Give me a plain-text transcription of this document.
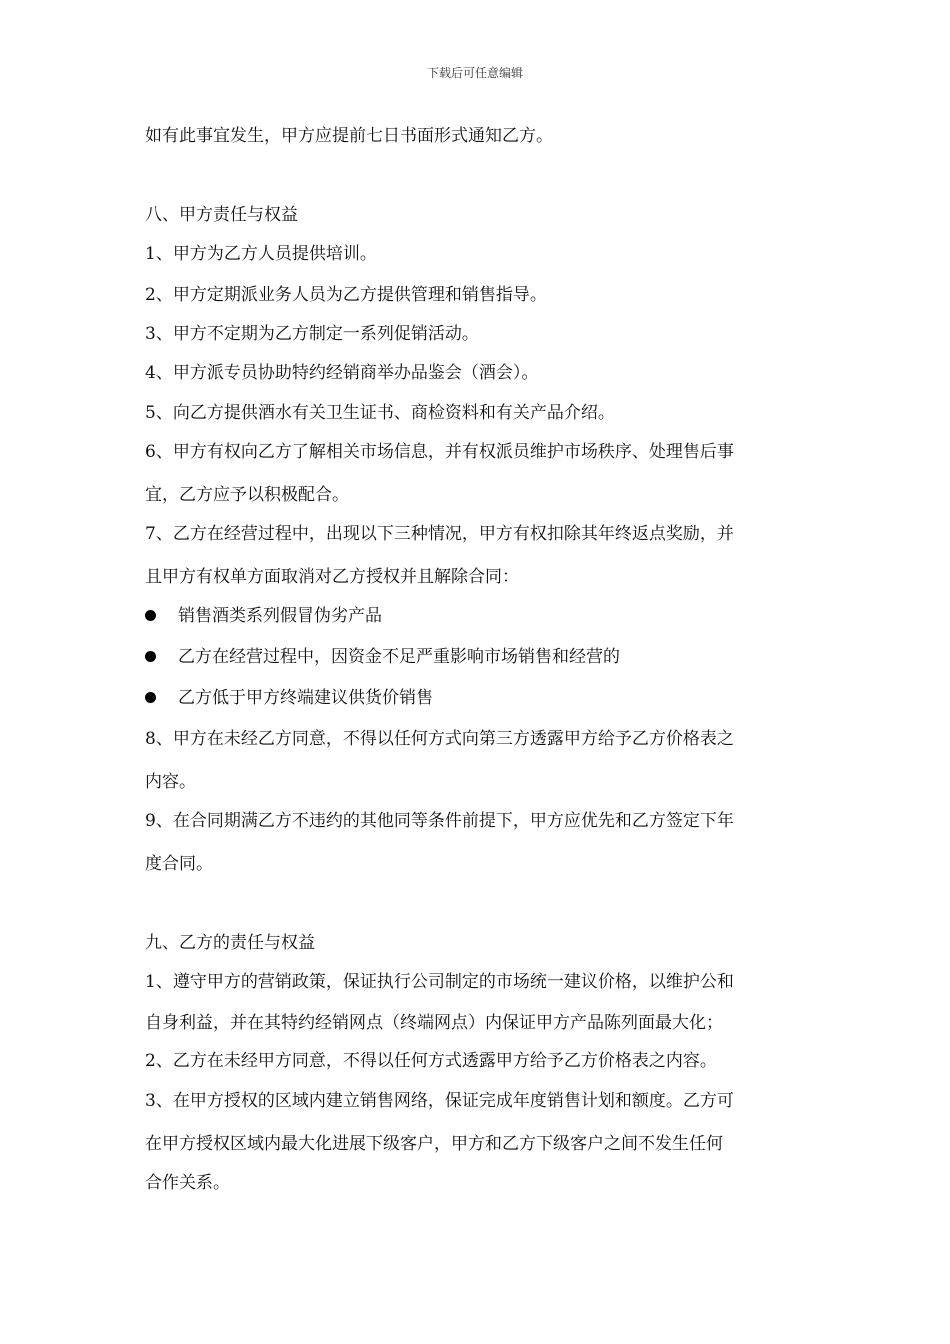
下载后可任意编辑
如有此事宜发生，甲方应提前七日书面形式通知乙方。
八、甲方责任与权益
1、甲方为乙方人员提供培训。
2、甲方定期派业务人员为乙方提供管理和销售指导。
3、甲方不定期为乙方制定一系列促销活动。
4、甲方派专员协助特约经销商举办品鉴会（酒会）。
5、向乙方提供酒水有关卫生证书、商检资料和有关产品介绍。
6、甲方有权向乙方了解相关市场信息，并有权派员维护市场秩序、处理售后事
宜，乙方应予以积极配合。
7、乙方在经营过程中，出现以下三种情况，甲方有权扣除其年终返点奖励，并
且甲方有权单方面取消对乙方授权并且解除合同：
销售酒类系列假冒伪劣产品
乙方在经营过程中，因资金不足严重影响市场销售和经营的
乙方低于甲方终端建议供货价销售
8、甲方在未经乙方同意，不得以任何方式向第三方透露甲方给予乙方价格表之
内容。
9、在合同期满乙方不违约的其他同等条件前提下，甲方应优先和乙方签定下年
度合同。
九、乙方的责任与权益
1、遵守甲方的营销政策，保证执行公司制定的市场统一建议价格，以维护公和
自身利益，并在其特约经销网点（终端网点）内保证甲方产品陈列面最大化；
2、乙方在未经甲方同意，不得以任何方式透露甲方给予乙方价格表之内容。
3、在甲方授权的区域内建立销售网络，保证完成年度销售计划和额度。乙方可
在甲方授权区域内最大化进展下级客户，甲方和乙方下级客户之间不发生任何
合作关系。
